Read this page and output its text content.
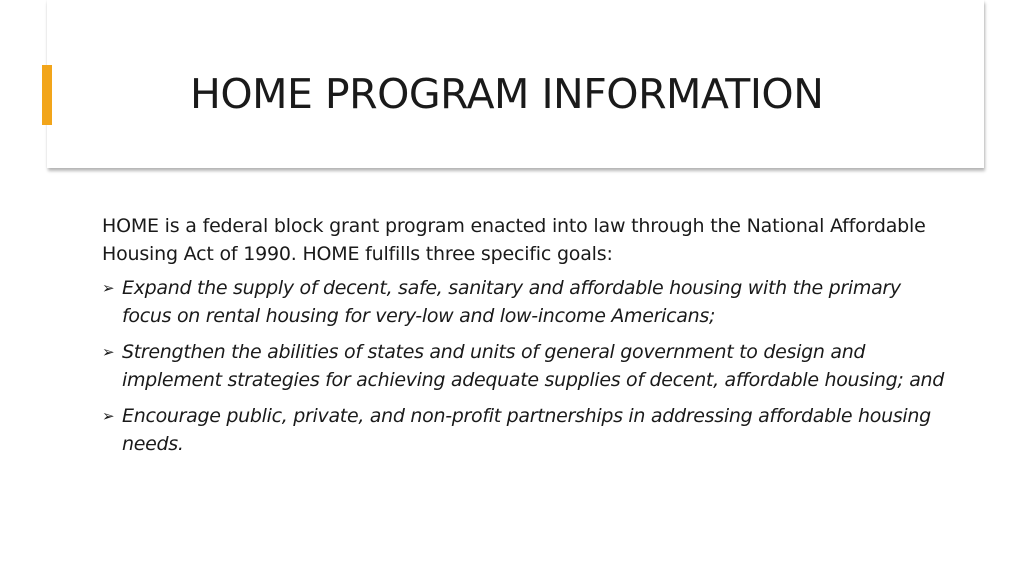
HOME PROGRAM INFORMATION

HOME is a federal block grant program enacted into law through the National Affordable Housing Act of 1990. HOME fulfills three specific goals:

➢ Expand the supply of decent, safe, sanitary and affordable housing with the primary focus on rental housing for very-low and low-income Americans;
➢ Strengthen the abilities of states and units of general government to design and implement strategies for achieving adequate supplies of decent, affordable housing; and
➢ Encourage public, private, and non-profit partnerships in addressing affordable housing needs.
